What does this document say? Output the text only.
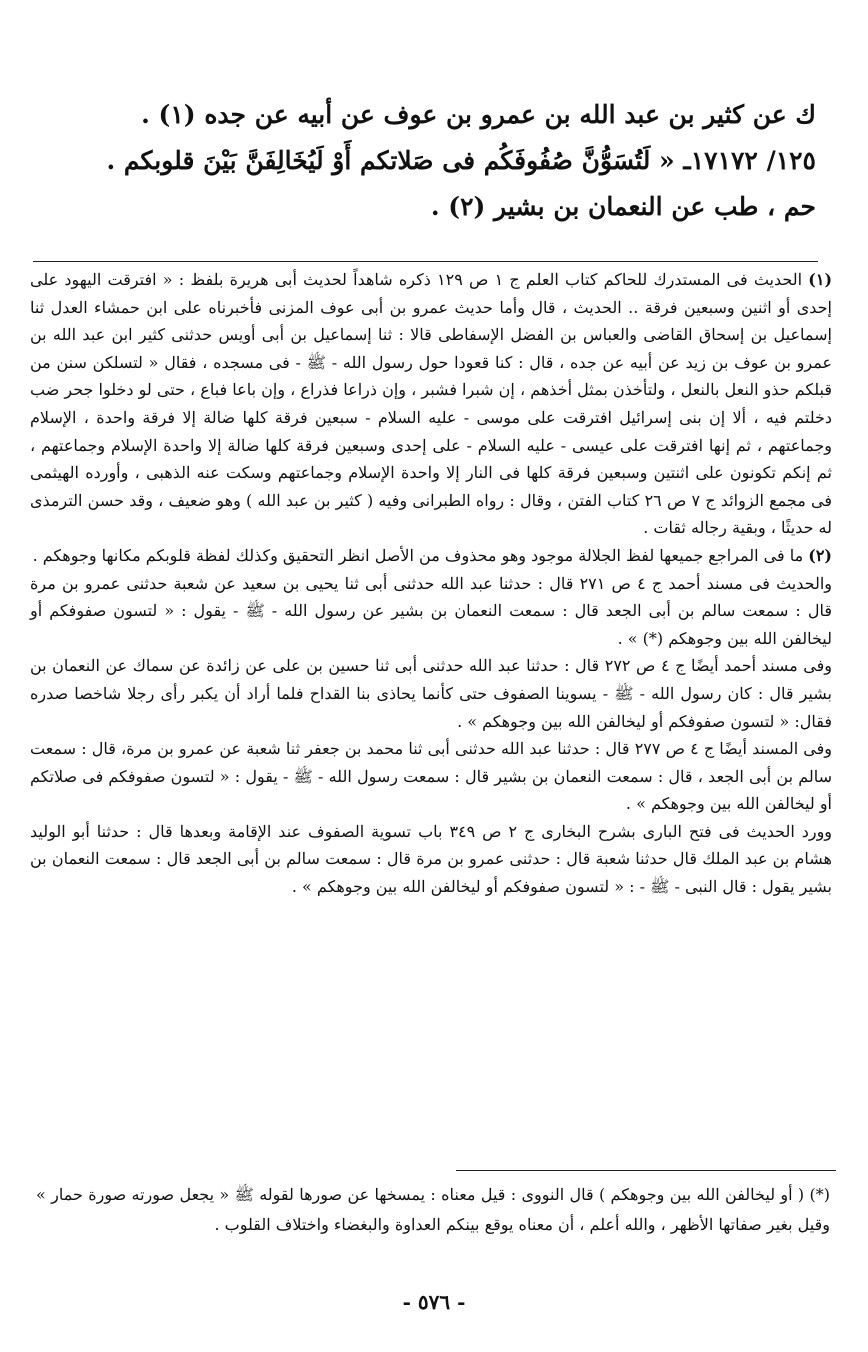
ك عن كثير بن عبد الله بن عمرو بن عوف عن أبيه عن جده (١) .

١٢٥/ ١٧١٧٢ـ « لَتُسَوُّنَّ صُفُوفَكُم فى صَلاتكم أَوْ لَيُخَالِفَنَّ بَيْنَ قلوبكم .

حم ، طب عن النعمان بن بشير (٢) .

(١) الحديث فى المستدرك للحاكم كتاب العلم ج ١ ص ١٢٩ ذكره شاهداً لحديث أبى هريرة بلفظ : « افترقت اليهود على إحدى أو اثنين وسبعين فرقة .. الحديث ، قال وأما حديث عمرو بن أبى عوف المزنى فأخبرناه على ابن حمشاء العدل ثنا إسماعيل بن إسحاق القاضى والعباس بن الفضل الإسفاطى قالا : ثنا إسماعيل بن أبى أويس حدثنى كثير ابن عبد الله بن عمرو بن عوف بن زيد عن أبيه عن جده ، قال : كنا قعودا حول رسول الله - ﷺ - فى مسجده ، فقال « لتسلكن سنن من قبلكم حذو النعل بالنعل ، ولتأخذن بمثل أخذهم ، إن شبرا فشبر ، وإن ذراعا فذراع ، وإن باعا فباع ، حتى لو دخلوا جحر ضب دخلتم فيه ، ألا إن بنى إسرائيل افترقت على موسى - عليه السلام - سبعين فرقة كلها ضالة إلا فرقة واحدة ، الإسلام وجماعتهم ، ثم إنها افترقت على عيسى - عليه السلام - على إحدى وسبعين فرقة كلها ضالة إلا واحدة الإسلام وجماعتهم ، ثم إنكم تكونون على اثنتين وسبعين فرقة كلها فى النار إلا واحدة الإسلام وجماعتهم وسكت عنه الذهبى ، وأورده الهيثمى فى مجمع الزوائد ج ٧ ص ٢٦ كتاب الفتن ، وقال : رواه الطبرانى وفيه ( كثير بن عبد الله ) وهو ضعيف ، وقد حسن الترمذى له حديثًا ، وبقية رجاله ثقات .

(٢) ما فى المراجع جميعها لفظ الجلالة موجود وهو محذوف من الأصل انظر التحقيق وكذلك لفظة قلوبكم مكانها وجوهكم .

والحديث فى مسند أحمد ج ٤ ص ٢٧١ قال : حدثنا عبد الله حدثنى أبى ثنا يحيى بن سعيد عن شعبة حدثنى عمرو بن مرة قال : سمعت سالم بن أبى الجعد قال : سمعت النعمان بن بشير عن رسول الله - ﷺ - يقول : « لتسون صفوفكم أو ليخالفن الله بين وجوهكم (*) » .

وفى مسند أحمد أيضًا ج ٤ ص ٢٧٢ قال : حدثنا عبد الله حدثنى أبى ثنا حسين بن على عن زائدة عن سماك عن النعمان بن بشير قال : كان رسول الله - ﷺ - يسوينا الصفوف حتى كأنما يحاذى بنا القداح فلما أراد أن يكبر رأى رجلا شاخصا صدره فقال: « لتسون صفوفكم أو ليخالفن الله بين وجوهكم » .

وفى المسند أيضًا ج ٤ ص ٢٧٧ قال : حدثنا عبد الله حدثنى أبى ثنا محمد بن جعفر ثنا شعبة عن عمرو بن مرة، قال : سمعت سالم بن أبى الجعد ، قال : سمعت النعمان بن بشير قال : سمعت رسول الله - ﷺ - يقول : « لتسون صفوفكم فى صلاتكم أو ليخالفن الله بين وجوهكم » .

وورد الحديث فى فتح البارى بشرح البخارى ج ٢ ص ٣٤٩ باب تسوية الصفوف عند الإقامة وبعدها قال : حدثنا أبو الوليد هشام بن عبد الملك قال حدثنا شعبة قال : حدثنى عمرو بن مرة قال : سمعت سالم بن أبى الجعد قال : سمعت النعمان بن بشير يقول : قال النبى - ﷺ - : « لتسون صفوفكم أو ليخالفن الله بين وجوهكم » .

(*) ( أو ليخالفن الله بين وجوهكم ) قال النووى : قيل معناه : يمسخها عن صورها لقوله ﷺ « يجعل صورته صورة حمار » وقيل بغير صفاتها الأظهر ، والله أعلم ، أن معناه يوقع بينكم العداوة والبغضاء واختلاف القلوب .

- ٥٧٦ -
